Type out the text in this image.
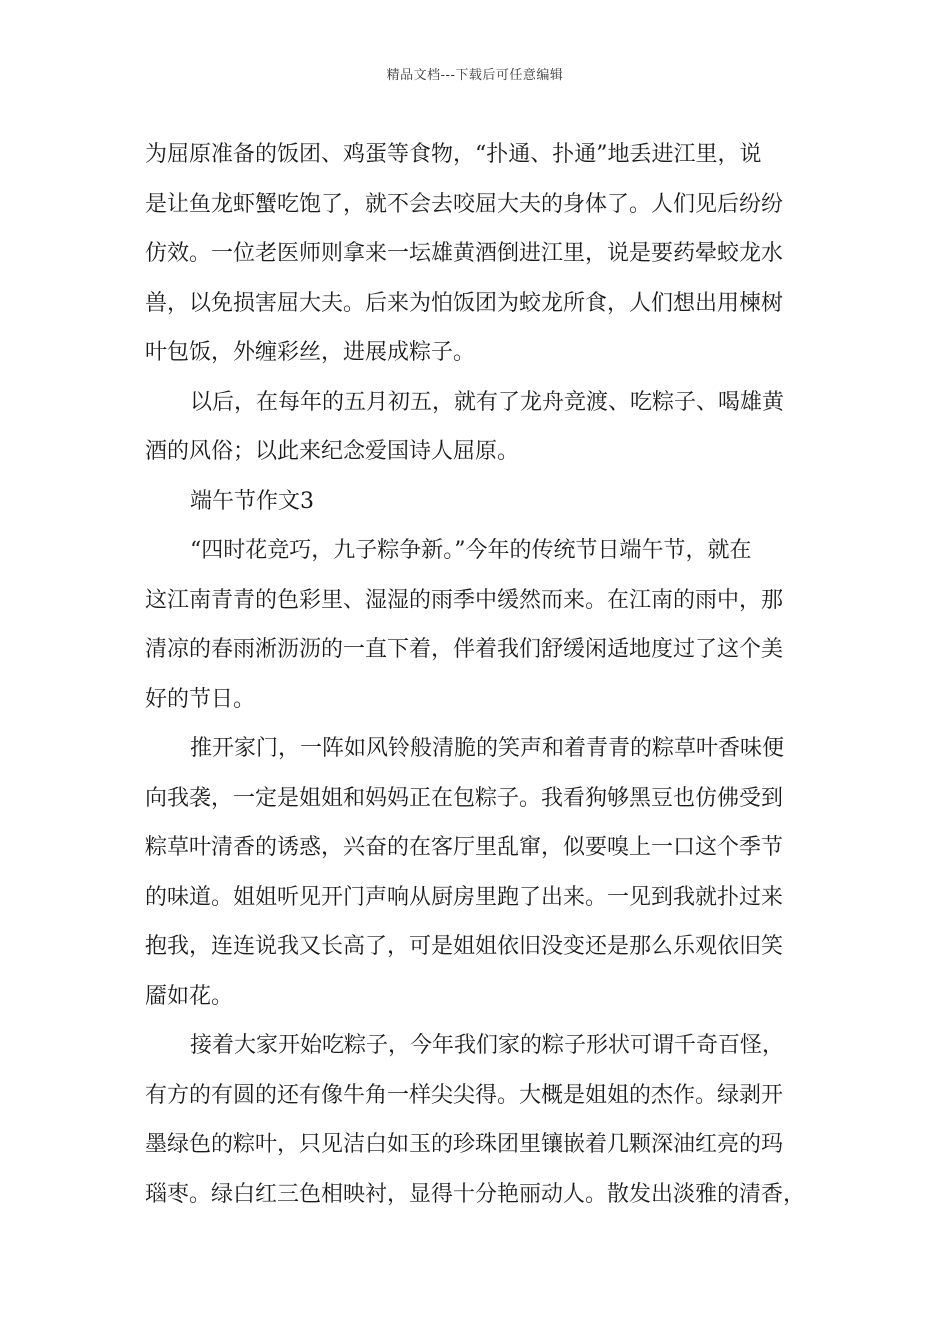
精品文档---下载后可任意编辑
为屈原准备的饭团、鸡蛋等食物，“扑通、扑通”地丢进江里，说
是让鱼龙虾蟹吃饱了，就不会去咬屈大夫的身体了。人们见后纷纷
仿效。一位老医师则拿来一坛雄黄酒倒进江里，说是要药晕蛟龙水
兽，以免损害屈大夫。后来为怕饭团为蛟龙所食，人们想出用楝树
叶包饭，外缠彩丝，进展成粽子。
以后，在每年的五月初五，就有了龙舟竞渡、吃粽子、喝雄黄
酒的风俗；以此来纪念爱国诗人屈原。
端午节作文3
“四时花竞巧，九子粽争新。”今年的传统节日端午节，就在
这江南青青的色彩里、湿湿的雨季中缓然而来。在江南的雨中，那
清凉的春雨淅沥沥的一直下着，伴着我们舒缓闲适地度过了这个美
好的节日。
推开家门，一阵如风铃般清脆的笑声和着青青的粽草叶香味便
向我袭，一定是姐姐和妈妈正在包粽子。我看狗够黑豆也仿佛受到
粽草叶清香的诱惑，兴奋的在客厅里乱窜，似要嗅上一口这个季节
的味道。姐姐听见开门声响从厨房里跑了出来。一见到我就扑过来
抱我，连连说我又长高了，可是姐姐依旧没变还是那么乐观依旧笑
靥如花。
接着大家开始吃粽子，今年我们家的粽子形状可谓千奇百怪，
有方的有圆的还有像牛角一样尖尖得。大概是姐姐的杰作。绿剥开
墨绿色的粽叶，只见洁白如玉的珍珠团里镶嵌着几颗深油红亮的玛
瑙枣。绿白红三色相映衬，显得十分艳丽动人。散发出淡雅的清香，
